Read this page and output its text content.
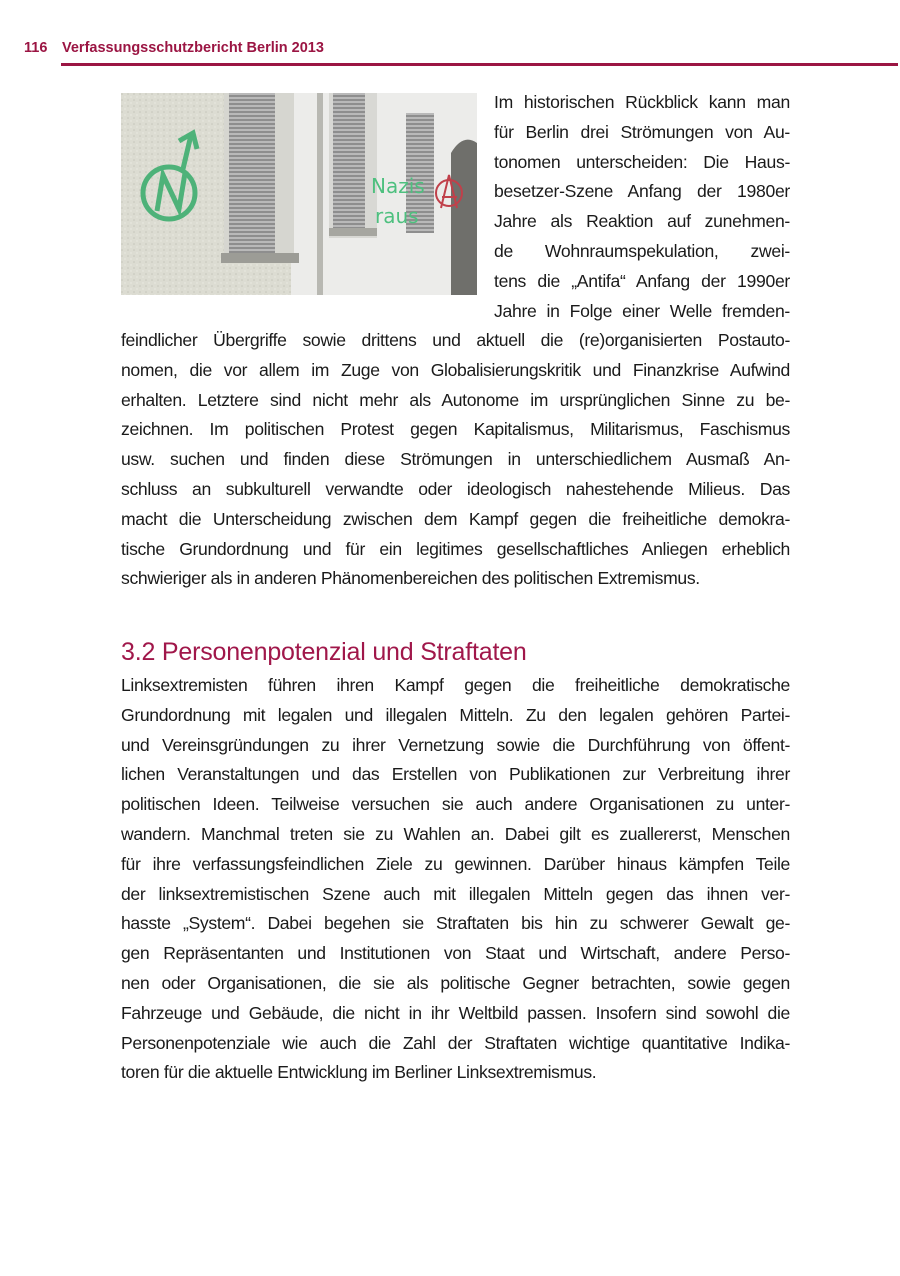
116	Verfassungsschutzbericht Berlin 2013
Nazis
raus
Im historischen Rückblick kann man
für Berlin drei Strömungen von Au-
tonomen unterscheiden: Die Haus-
besetzer-Szene Anfang der 1980er
Jahre als Reaktion auf zunehmen-
de Wohnraumspekulation, zwei-
tens die „Antifa“ Anfang der 1990er
Jahre in Folge einer Welle fremden-
feindlicher Übergriffe sowie drittens und aktuell die (re)organisierten Postauto-
nomen, die vor allem im Zuge von Globalisierungskritik und Finanzkrise Aufwind
erhalten. Letztere sind nicht mehr als Autonome im ursprünglichen Sinne zu be-
zeichnen. Im politischen Protest gegen Kapitalismus, Militarismus, Faschismus
usw. suchen und finden diese Strömungen in unterschiedlichem Ausmaß An-
schluss an subkulturell verwandte oder ideologisch nahestehende Milieus. Das
macht die Unterscheidung zwischen dem Kampf gegen die freiheitliche demokra-
tische Grundordnung und für ein legitimes gesellschaftliches Anliegen erheblich
schwieriger als in anderen Phänomenbereichen des politischen Extremismus.
3.2 Personenpotenzial und Straftaten
Linksextremisten führen ihren Kampf gegen die freiheitliche demokratische
Grundordnung mit legalen und illegalen Mitteln. Zu den legalen gehören Partei-
und Vereinsgründungen zu ihrer Vernetzung sowie die Durchführung von öffent-
lichen Veranstaltungen und das Erstellen von Publikationen zur Verbreitung ihrer
politischen Ideen. Teilweise versuchen sie auch andere Organisationen zu unter-
wandern. Manchmal treten sie zu Wahlen an. Dabei gilt es zuallererst, Menschen
für ihre verfassungsfeindlichen Ziele zu gewinnen. Darüber hinaus kämpfen Teile
der linksextremistischen Szene auch mit illegalen Mitteln gegen das ihnen ver-
hasste „System“. Dabei begehen sie Straftaten bis hin zu schwerer Gewalt ge-
gen Repräsentanten und Institutionen von Staat und Wirtschaft, andere Perso-
nen oder Organisationen, die sie als politische Gegner betrachten, sowie gegen
Fahrzeuge und Gebäude, die nicht in ihr Weltbild passen. Insofern sind sowohl die
Personenpotenziale wie auch die Zahl der Straftaten wichtige quantitative Indika-
toren für die aktuelle Entwicklung im Berliner Linksextremismus.
